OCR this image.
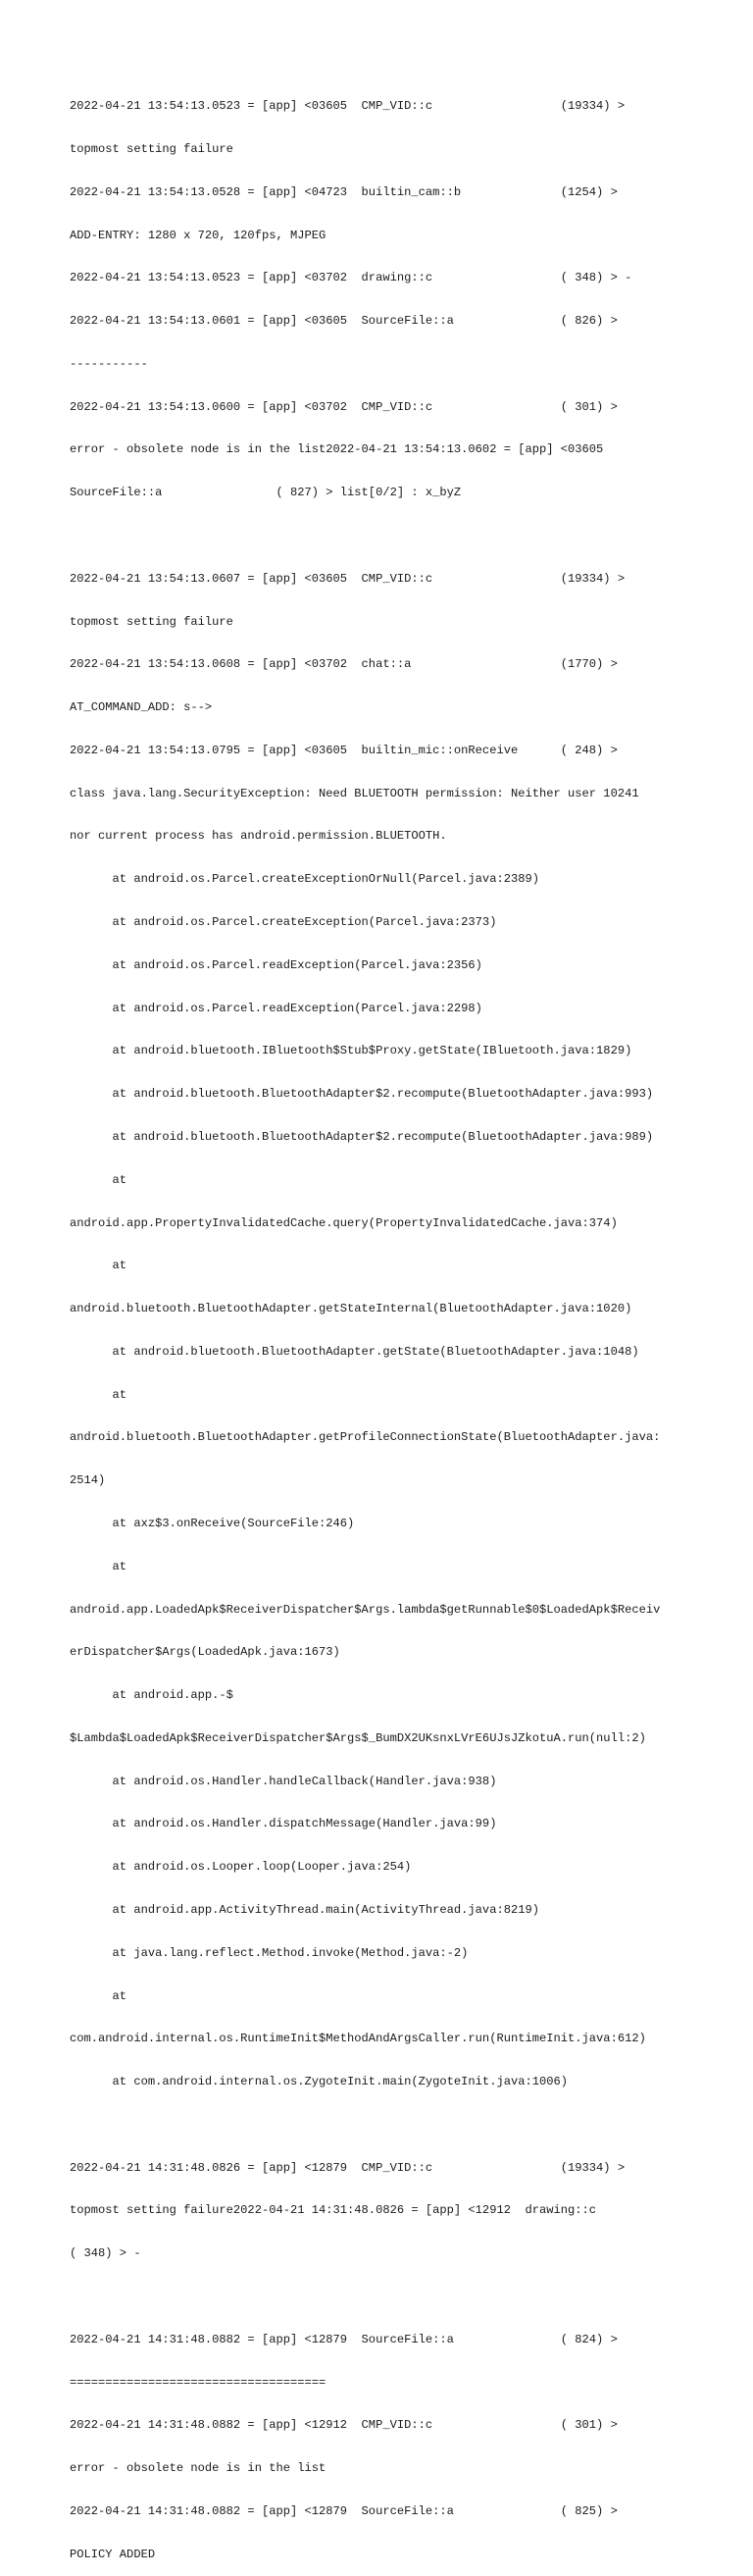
2022-04-21 13:54:13.0523 = [app] <03605  CMP_VID::c                  (19334) >

topmost setting failure

2022-04-21 13:54:13.0528 = [app] <04723  builtin_cam::b              (1254) >

ADD-ENTRY: 1280 x 720, 120fps, MJPEG

2022-04-21 13:54:13.0523 = [app] <03702  drawing::c                  ( 348) > -

2022-04-21 13:54:13.0601 = [app] <03605  SourceFile::a               ( 826) >

-----------

2022-04-21 13:54:13.0600 = [app] <03702  CMP_VID::c                  ( 301) >

error - obsolete node is in the list2022-04-21 13:54:13.0602 = [app] <03605

SourceFile::a                ( 827) > list[0/2] : x_byZ

2022-04-21 13:54:13.0607 = [app] <03605  CMP_VID::c                  (19334) >

topmost setting failure

2022-04-21 13:54:13.0608 = [app] <03702  chat::a                     (1770) >

AT_COMMAND_ADD: s-->

2022-04-21 13:54:13.0795 = [app] <03605  builtin_mic::onReceive      ( 248) >

class java.lang.SecurityException: Need BLUETOOTH permission: Neither user 10241

nor current process has android.permission.BLUETOOTH.

at android.os.Parcel.createExceptionOrNull(Parcel.java:2389)

at android.os.Parcel.createException(Parcel.java:2373)

at android.os.Parcel.readException(Parcel.java:2356)

at android.os.Parcel.readException(Parcel.java:2298)

at android.bluetooth.IBluetooth$Stub$Proxy.getState(IBluetooth.java:1829)

at android.bluetooth.BluetoothAdapter$2.recompute(BluetoothAdapter.java:993)

at android.bluetooth.BluetoothAdapter$2.recompute(BluetoothAdapter.java:989)

at

android.app.PropertyInvalidatedCache.query(PropertyInvalidatedCache.java:374)

at

android.bluetooth.BluetoothAdapter.getStateInternal(BluetoothAdapter.java:1020)

at android.bluetooth.BluetoothAdapter.getState(BluetoothAdapter.java:1048)

at

android.bluetooth.BluetoothAdapter.getProfileConnectionState(BluetoothAdapter.java:

2514)

at axz$3.onReceive(SourceFile:246)

at

android.app.LoadedApk$ReceiverDispatcher$Args.lambda$getRunnable$0$LoadedApk$Receiv

erDispatcher$Args(LoadedApk.java:1673)

at android.app.-$

$Lambda$LoadedApk$ReceiverDispatcher$Args$_BumDX2UKsnxLVrE6UJsJZkotuA.run(null:2)

at android.os.Handler.handleCallback(Handler.java:938)

at android.os.Handler.dispatchMessage(Handler.java:99)

at android.os.Looper.loop(Looper.java:254)

at android.app.ActivityThread.main(ActivityThread.java:8219)

at java.lang.reflect.Method.invoke(Method.java:-2)

at

com.android.internal.os.RuntimeInit$MethodAndArgsCaller.run(RuntimeInit.java:612)

at com.android.internal.os.ZygoteInit.main(ZygoteInit.java:1006)

2022-04-21 14:31:48.0826 = [app] <12879  CMP_VID::c                  (19334) >

topmost setting failure2022-04-21 14:31:48.0826 = [app] <12912  drawing::c

( 348) > -

2022-04-21 14:31:48.0882 = [app] <12879  SourceFile::a               ( 824) >

====================================

2022-04-21 14:31:48.0882 = [app] <12912  CMP_VID::c                  ( 301) >

error - obsolete node is in the list

2022-04-21 14:31:48.0882 = [app] <12879  SourceFile::a               ( 825) >

POLICY ADDED
